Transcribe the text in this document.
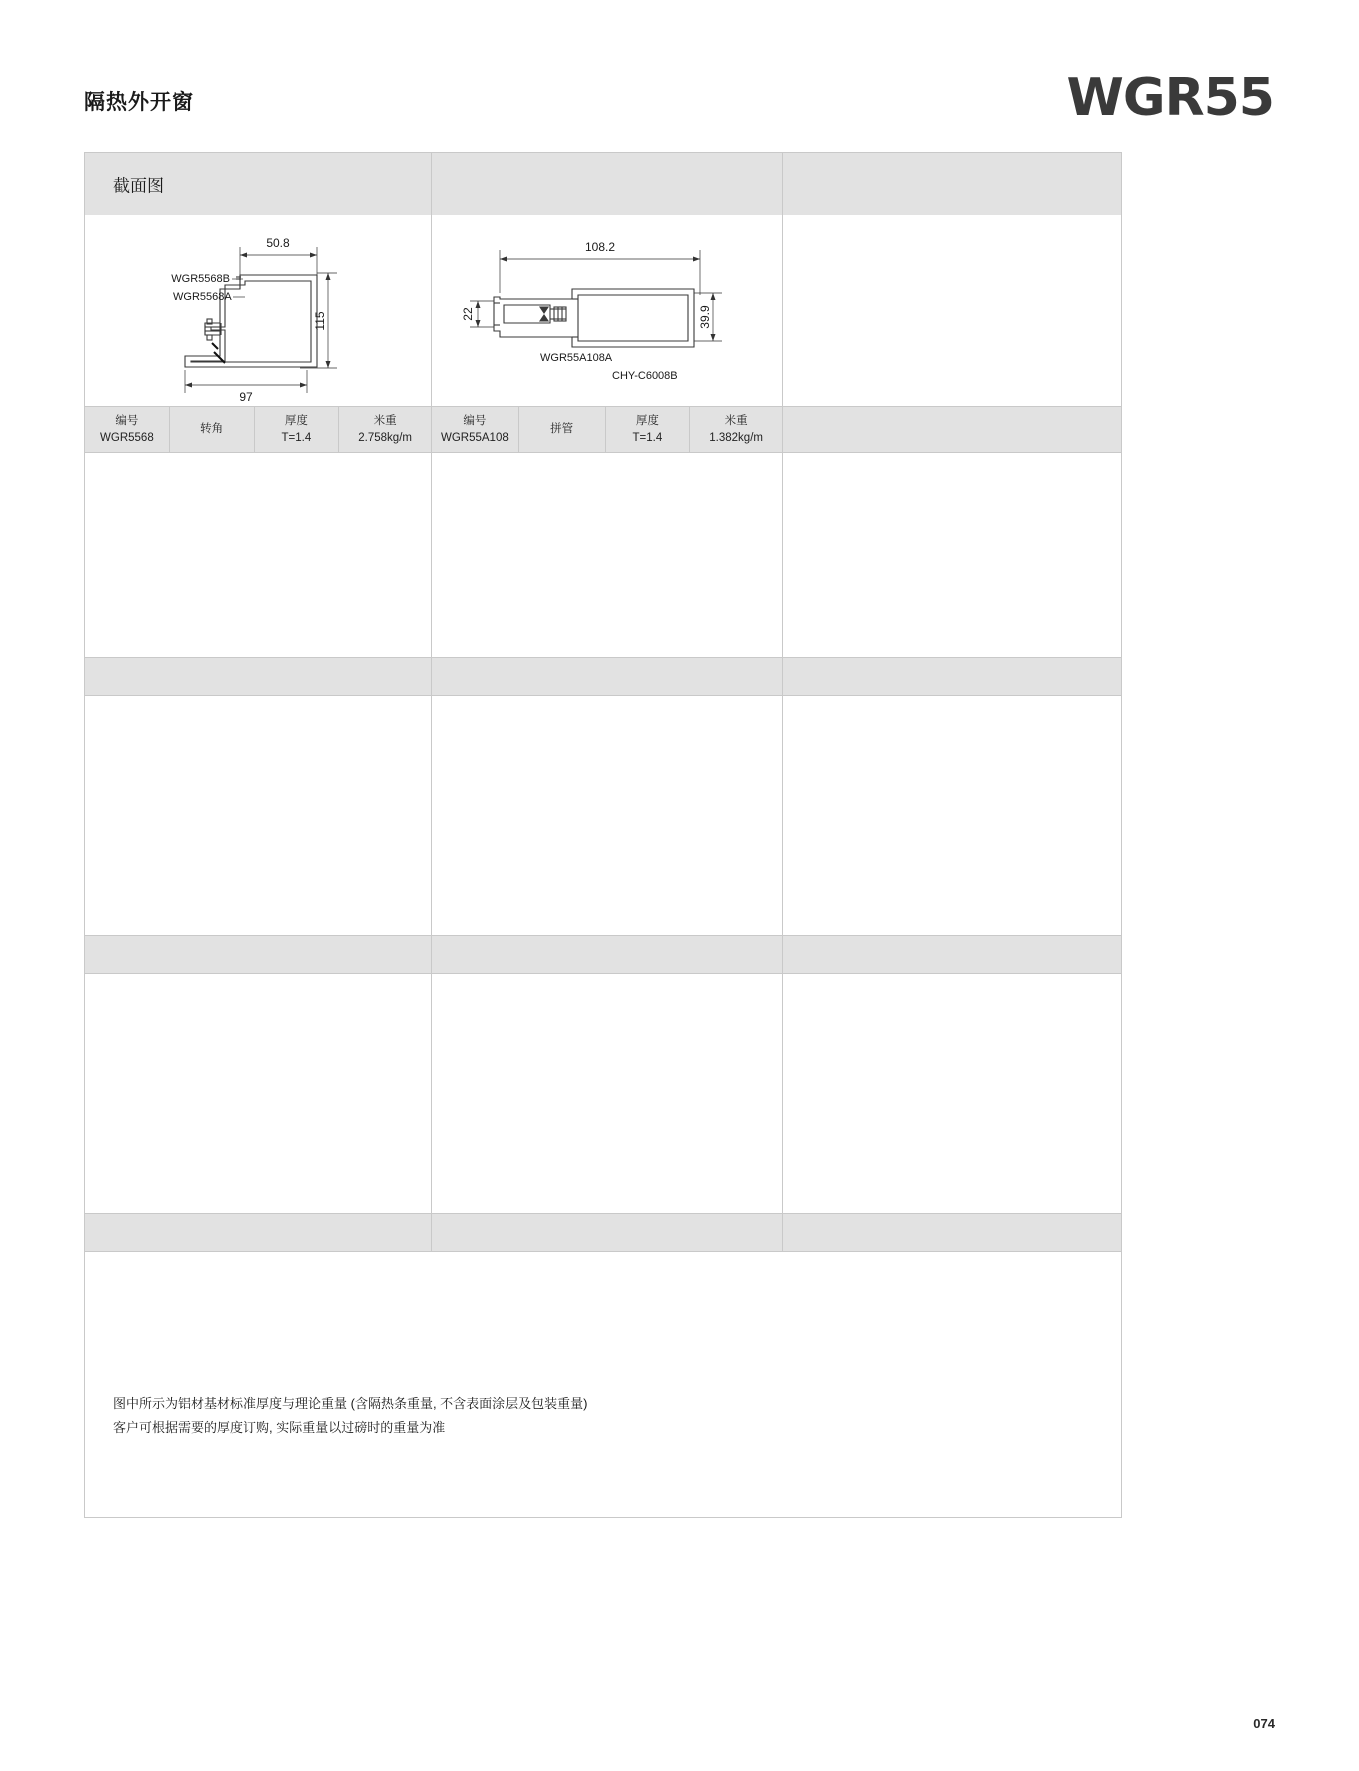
隔热外开窗	WGR55
截面图
50.8
115
97
WGR5568B
WGR5568A
108.2
22	39.9
WGR55A108A
CHY-C6008B
编号
WGR5568
转角
厚度
T=1.4
米重
2.758kg/m
编号
WGR55A108
拼管
厚度
T=1.4
米重
1.382kg/m
图中所示为铝材基材标准厚度与理论重量 (含隔热条重量, 不含表面涂层及包装重量)
客户可根据需要的厚度订购, 实际重量以过磅时的重量为准
074
